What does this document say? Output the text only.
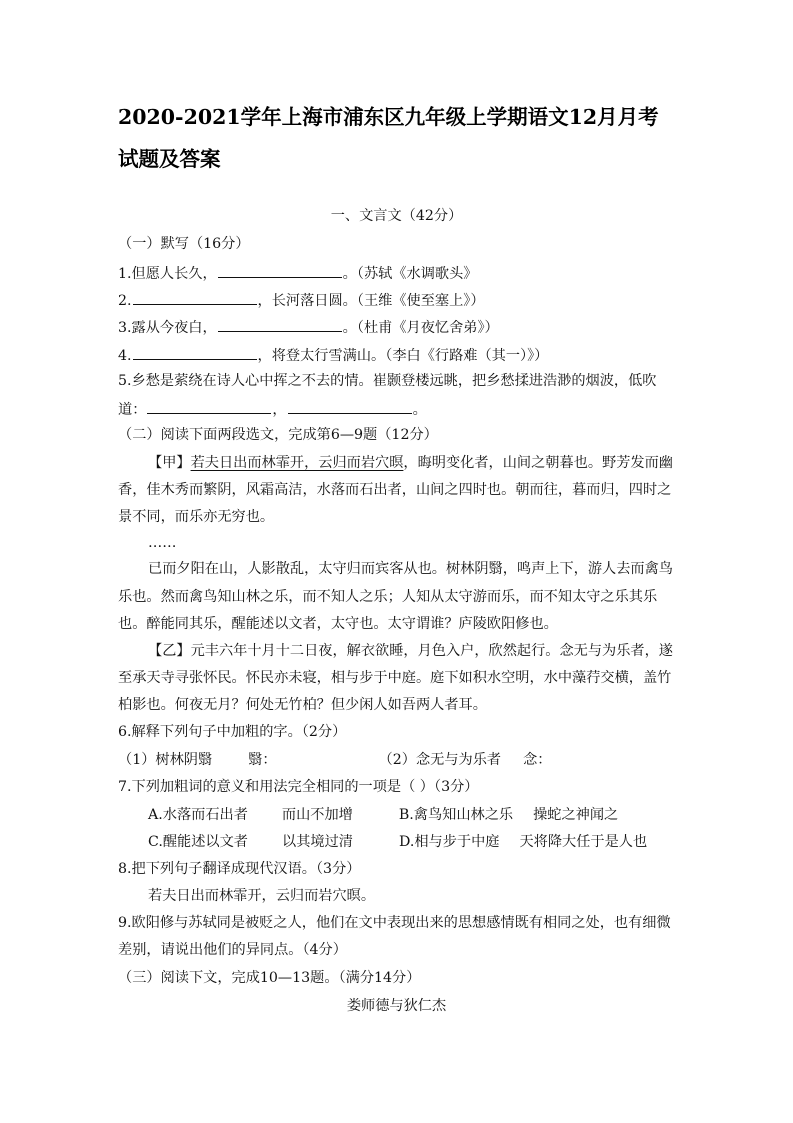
2020-2021学年上海市浦东区九年级上学期语文12月月考
试题及答案
一、文言文（42分）
（一）默写（16分）
1.但愿人长久，	。（苏轼《水调歌头》
2.	，长河落日圆。（王维《使至塞上》）
3.露从今夜白，	。（杜甫《月夜忆舍弟》）
4.	，将登太行雪满山。（李白《行路难（其一）》）
5.乡愁是萦绕在诗人心中挥之不去的情。崔颢登楼远眺，把乡愁揉进浩渺的烟波，低吹
道：	，	。
（二）阅读下面两段选文，完成第6—9题（12分）
【甲】若夫日出而林霏开，云归而岩穴暝，晦明变化者，山间之朝暮也。野芳发而幽
香，佳木秀而繁阴，风霜高洁，水落而石出者，山间之四时也。朝而往，暮而归，四时之
景不同，而乐亦无穷也。
……
已而夕阳在山，人影散乱，太守归而宾客从也。树林阴翳，鸣声上下，游人去而禽鸟
乐也。然而禽鸟知山林之乐，而不知人之乐；人知从太守游而乐，而不知太守之乐其乐
也。醉能同其乐，醒能述以文者，太守也。太守谓谁？庐陵欧阳修也。
【乙】元丰六年十月十二日夜，解衣欲睡，月色入户，欣然起行。念无与为乐者，遂
至承天寺寻张怀民。怀民亦未寝，相与步于中庭。庭下如积水空明，水中藻荇交横，盖竹
柏影也。何夜无月？何处无竹柏？但少闲人如吾两人者耳。
6.解释下列句子中加粗的字。（2分）
（1）树林阴翳	翳：	（2）念无与为乐者 念：
7.下列加粗词的意义和用法完全相同的一项是（ ）（3分）
A.水落而石出者 而山不加增	B.禽鸟知山林之乐 操蛇之神闻之
C.醒能述以文者 以其境过清	D.相与步于中庭 天将降大任于是人也
8.把下列句子翻译成现代汉语。（3分）
若夫日出而林霏开，云归而岩穴暝。
9.欧阳修与苏轼同是被贬之人，他们在文中表现出来的思想感情既有相同之处，也有细微
差别，请说出他们的异同点。（4分）
（三）阅读下文，完成10—13题。（满分14分）
娄师德与狄仁杰
